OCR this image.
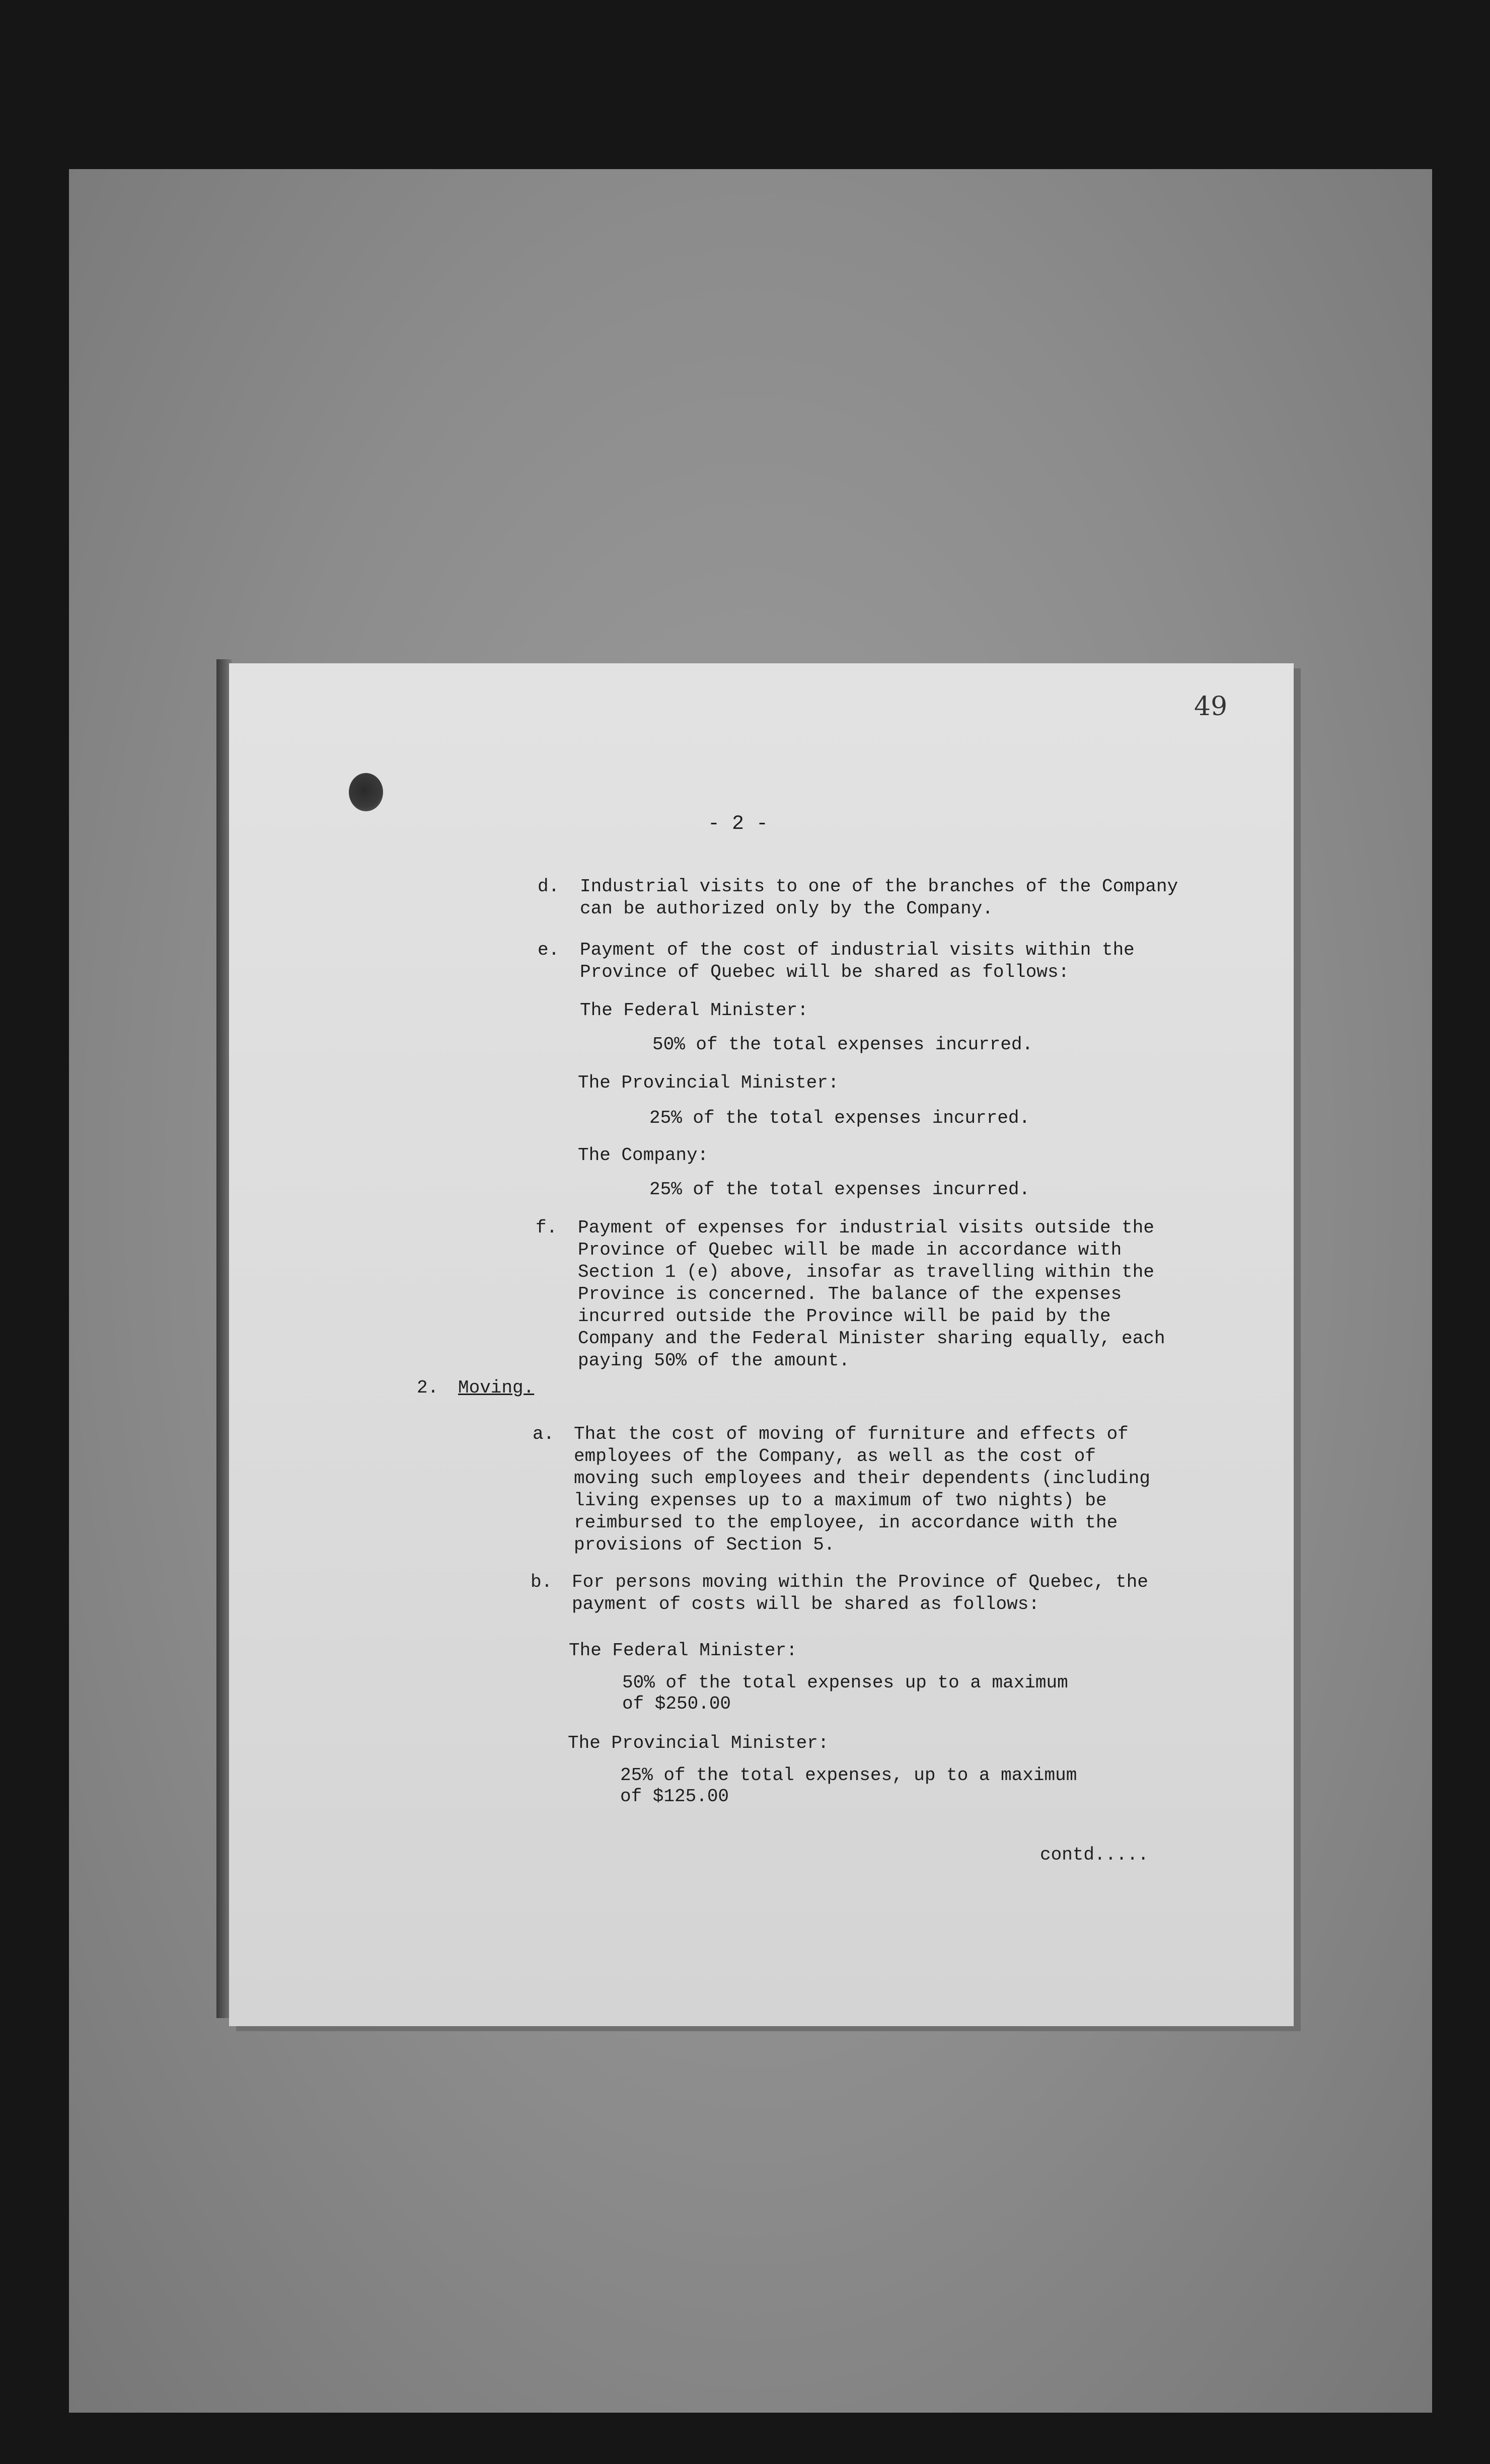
49
- 2 -
d. Industrial visits to one of the branches of the Company
can be authorized only by the Company.
e. Payment of the cost of industrial visits within the
Province of Quebec will be shared as follows:
The Federal Minister:
50% of the total expenses incurred.
The Provincial Minister:
25% of the total expenses incurred.
The Company:
25% of the total expenses incurred.
f. Payment of expenses for industrial visits outside the
Province of Quebec will be made in accordance with
Section 1 (e) above, insofar as travelling within the
Province is concerned. The balance of the expenses
incurred outside the Province will be paid by the
Company and the Federal Minister sharing equally, each
paying 50% of the amount.
2. Moving.
a. That the cost of moving of furniture and effects of
employees of the Company, as well as the cost of
moving such employees and their dependents (including
living expenses up to a maximum of two nights) be
reimbursed to the employee, in accordance with the
provisions of Section 5.
b. For persons moving within the Province of Quebec, the
payment of costs will be shared as follows:
The Federal Minister:
50% of the total expenses up to a maximum
of $250.00
The Provincial Minister:
25% of the total expenses, up to a maximum
of $125.00
contd.....
